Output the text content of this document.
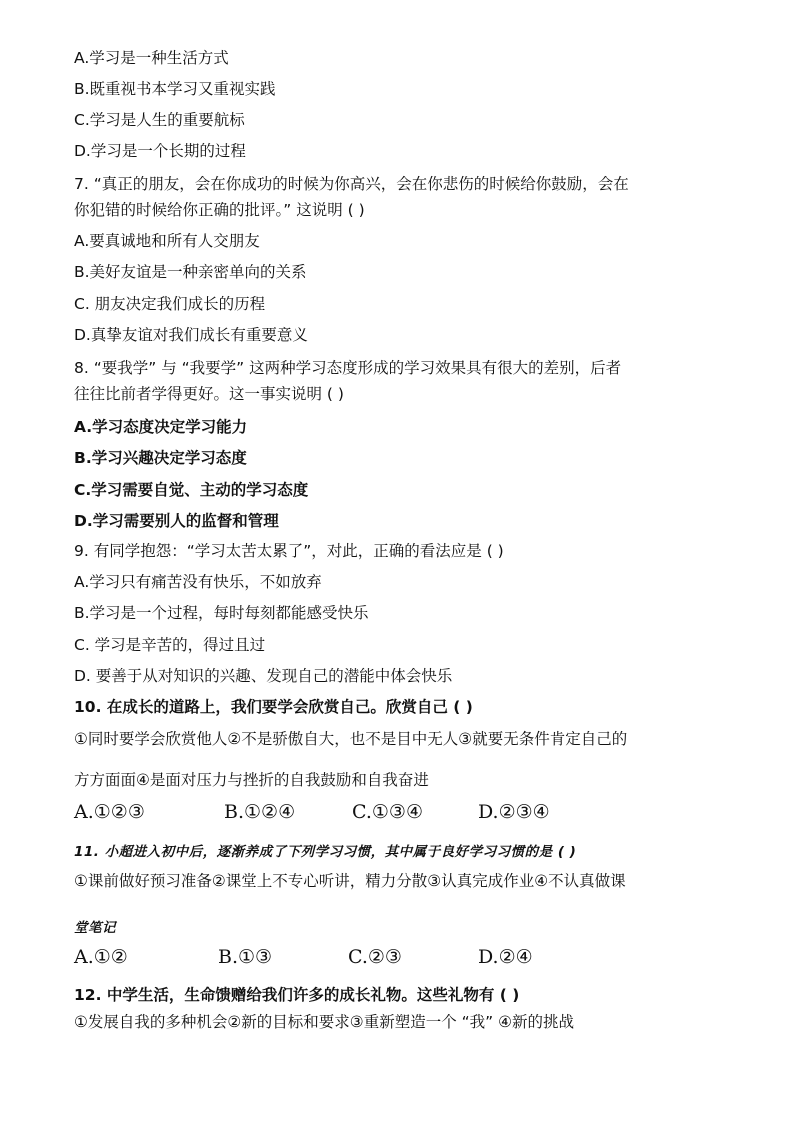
A.学习是一种生活方式
B.既重视书本学习又重视实践
C.学习是人生的重要航标
D.学习是一个长期的过程
7. “真正的朋友，会在你成功的时候为你高兴，会在你悲伤的时候给你鼓励，会在
你犯错的时候给你正确的批评。” 这说明 ( )
A.要真诚地和所有人交朋友
B.美好友谊是一种亲密单向的关系
C. 朋友决定我们成长的历程
D.真挚友谊对我们成长有重要意义
8. “要我学” 与 “我要学” 这两种学习态度形成的学习效果具有很大的差别，后者
往往比前者学得更好。这一事实说明 ( )
A.学习态度决定学习能力
B.学习兴趣决定学习态度
C.学习需要自觉、主动的学习态度
D.学习需要别人的监督和管理
9. 有同学抱怨：“学习太苦太累了”，对此，正确的看法应是 ( )
A.学习只有痛苦没有快乐，不如放弃
B.学习是一个过程，每时每刻都能感受快乐
C. 学习是辛苦的，得过且过
D. 要善于从对知识的兴趣、发现自己的潜能中体会快乐
10. 在成长的道路上，我们要学会欣赏自己。欣赏自己 ( )
①同时要学会欣赏他人②不是骄傲自大，也不是目中无人③就要无条件肯定自己的
方方面面④是面对压力与挫折的自我鼓励和自我奋进
A.①②③	B.①②④	C.①③④	D.②③④
11. 小超进入初中后，逐渐养成了下列学习习惯，其中属于良好学习习惯的是 ( )
①课前做好预习准备②课堂上不专心听讲，精力分散③认真完成作业④不认真做课
堂笔记
A.①②	B.①③	C.②③	D.②④
12. 中学生活，生命馈赠给我们许多的成长礼物。这些礼物有 ( )
①发展自我的多种机会②新的目标和要求③重新塑造一个 “我” ④新的挑战
